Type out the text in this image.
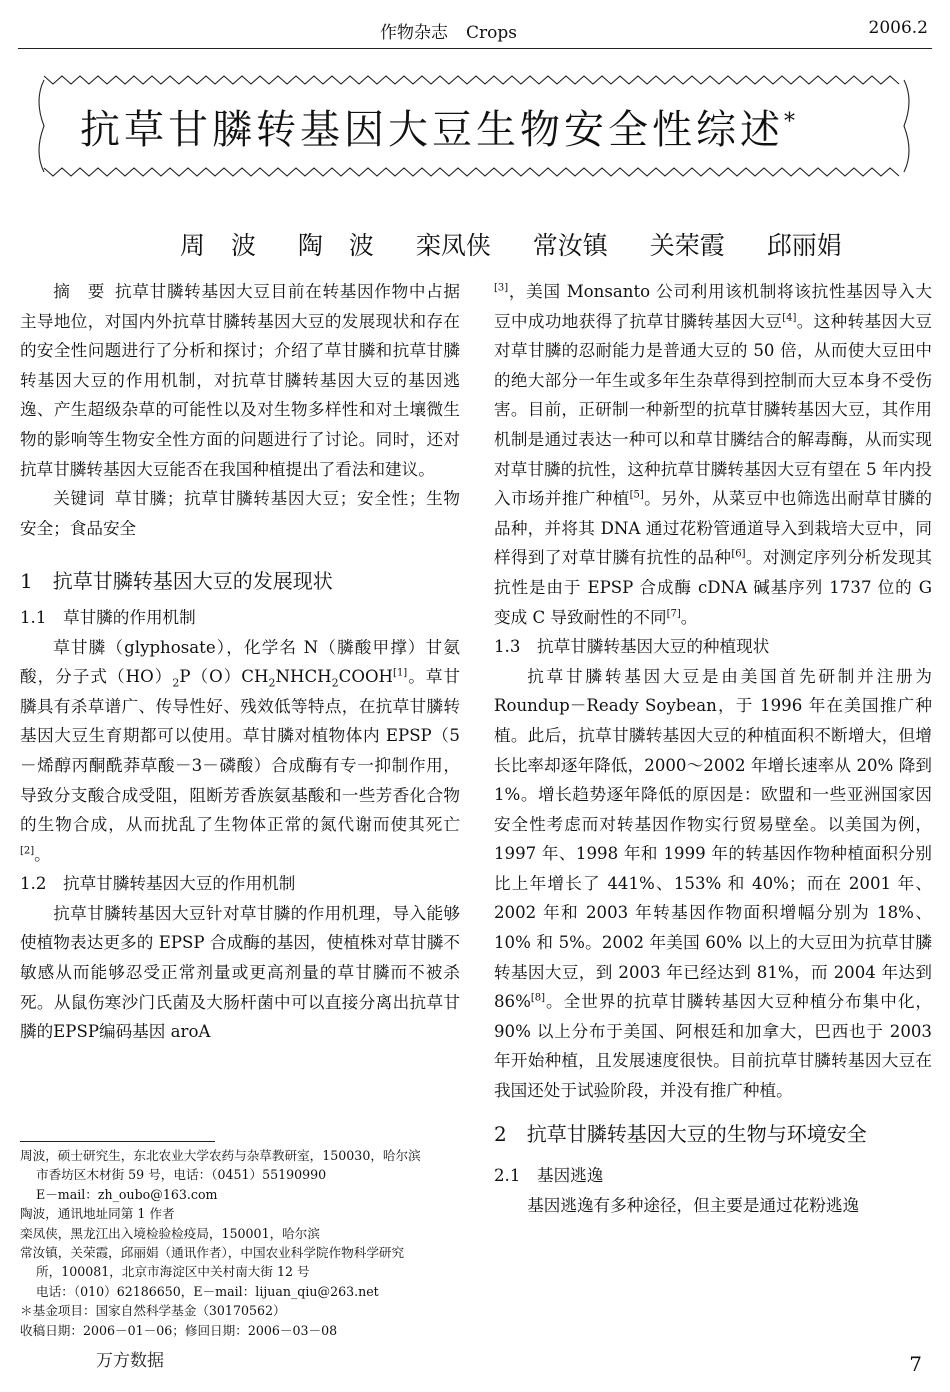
作物杂志 Crops	2006.2
抗草甘膦转基因大豆生物安全性综述*
周 波 陶 波 栾凤侠 常汝镇 关荣霞 邱丽娟

摘　要 抗草甘膦转基因大豆目前在转基因作物中占据主导地位，对国内外抗草甘膦转基因大豆的发展现状和存在的安全性问题进行了分析和探讨；介绍了草甘膦和抗草甘膦转基因大豆的作用机制，对抗草甘膦转基因大豆的基因逃逸、产生超级杂草的可能性以及对生物多样性和对土壤微生物的影响等生物安全性方面的问题进行了讨论。同时，还对抗草甘膦转基因大豆能否在我国种植提出了看法和建议。

关键词 草甘膦；抗草甘膦转基因大豆；安全性；生物安全；食品安全

1　抗草甘膦转基因大豆的发展现状

1.1　草甘膦的作用机制

草甘膦（glyphosate），化学名 N（膦酸甲撑）甘氨酸，分子式$(HO)_2P(O)CH_2NHCH_2COOH[1]$。草甘膦具有杀草谱广、传导性好、残效低等特点，在抗草甘膦转基因大豆生育期都可以使用。草甘膦对植物体内 EPSP（5－烯醇丙酮酰莽草酸－3－磷酸）合成酶有专一抑制作用，导致分支酸合成受阻，阻断芳香族氨基酸和一些芳香化合物的生物合成，从而扰乱了生物体正常的氮代谢而使其死亡[2]。

1.2　抗草甘膦转基因大豆的作用机制

抗草甘膦转基因大豆针对草甘膦的作用机理，导入能够使植物表达更多的 EPSP 合成酶的基因，使植株对草甘膦不敏感从而能够忍受正常剂量或更高剂量的草甘膦而不被杀死。从鼠伤寒沙门氏菌及大肠杆菌中可以直接分离出抗草甘膦的EPSP编码基因 aroA

周波，硕士研究生，东北农业大学农药与杂草教研室，150030，哈尔滨
市香坊区木材街 59 号，电话：（0451）55190990
E－mail：zh_oubo@163.com
陶波，通讯地址同第 1 作者
栾凤侠，黑龙江出入境检验检疫局，150001，哈尔滨
常汝镇，关荣霞，邱丽娟（通讯作者），中国农业科学院作物科学研究
所，100081，北京市海淀区中关村南大街 12 号
电话：（010）62186650，E－mail：lijuan_qiu@263.net
＊基金项目：国家自然科学基金（30170562）
收稿日期：2006－01－06；修回日期：2006－03－08
万方数据

[3]，美国 Monsanto 公司利用该机制将该抗性基因导入大豆中成功地获得了抗草甘膦转基因大豆[4]。这种转基因大豆对草甘膦的忍耐能力是普通大豆的 50 倍，从而使大豆田中的绝大部分一年生或多年生杂草得到控制而大豆本身不受伤害。目前，正研制一种新型的抗草甘膦转基因大豆，其作用机制是通过表达一种可以和草甘膦结合的解毒酶，从而实现对草甘膦的抗性，这种抗草甘膦转基因大豆有望在 5 年内投入市场并推广种植[5]。另外，从菜豆中也筛选出耐草甘膦的品种，并将其 DNA 通过花粉管通道导入到栽培大豆中，同样得到了对草甘膦有抗性的品种[6]。对测定序列分析发现其抗性是由于 EPSP 合成酶 cDNA 碱基序列 1737 位的 G 变成 C 导致耐性的不同[7]。

1.3　抗草甘膦转基因大豆的种植现状

抗草甘膦转基因大豆是由美国首先研制并注册为 Roundup－Ready Soybean，于 1996 年在美国推广种植。此后，抗草甘膦转基因大豆的种植面积不断增大，但增长比率却逐年降低，2000～2002 年增长速率从 20% 降到 1%。增长趋势逐年降低的原因是：欧盟和一些亚洲国家因安全性考虑而对转基因作物实行贸易壁垒。以美国为例，1997 年、1998 年和 1999 年的转基因作物种植面积分别比上年增长了 441%、153% 和 40%；而在 2001 年、2002 年和 2003 年转基因作物面积增幅分别为 18%、10% 和 5%。2002 年美国 60% 以上的大豆田为抗草甘膦转基因大豆，到 2003 年已经达到 81%，而 2004 年达到 86%[8]。全世界的抗草甘膦转基因大豆种植分布集中化，90% 以上分布于美国、阿根廷和加拿大，巴西也于 2003 年开始种植，且发展速度很快。目前抗草甘膦转基因大豆在我国还处于试验阶段，并没有推广种植。

2　抗草甘膦转基因大豆的生物与环境安全

2.1　基因逃逸

基因逃逸有多种途径，但主要是通过花粉逃逸

7
